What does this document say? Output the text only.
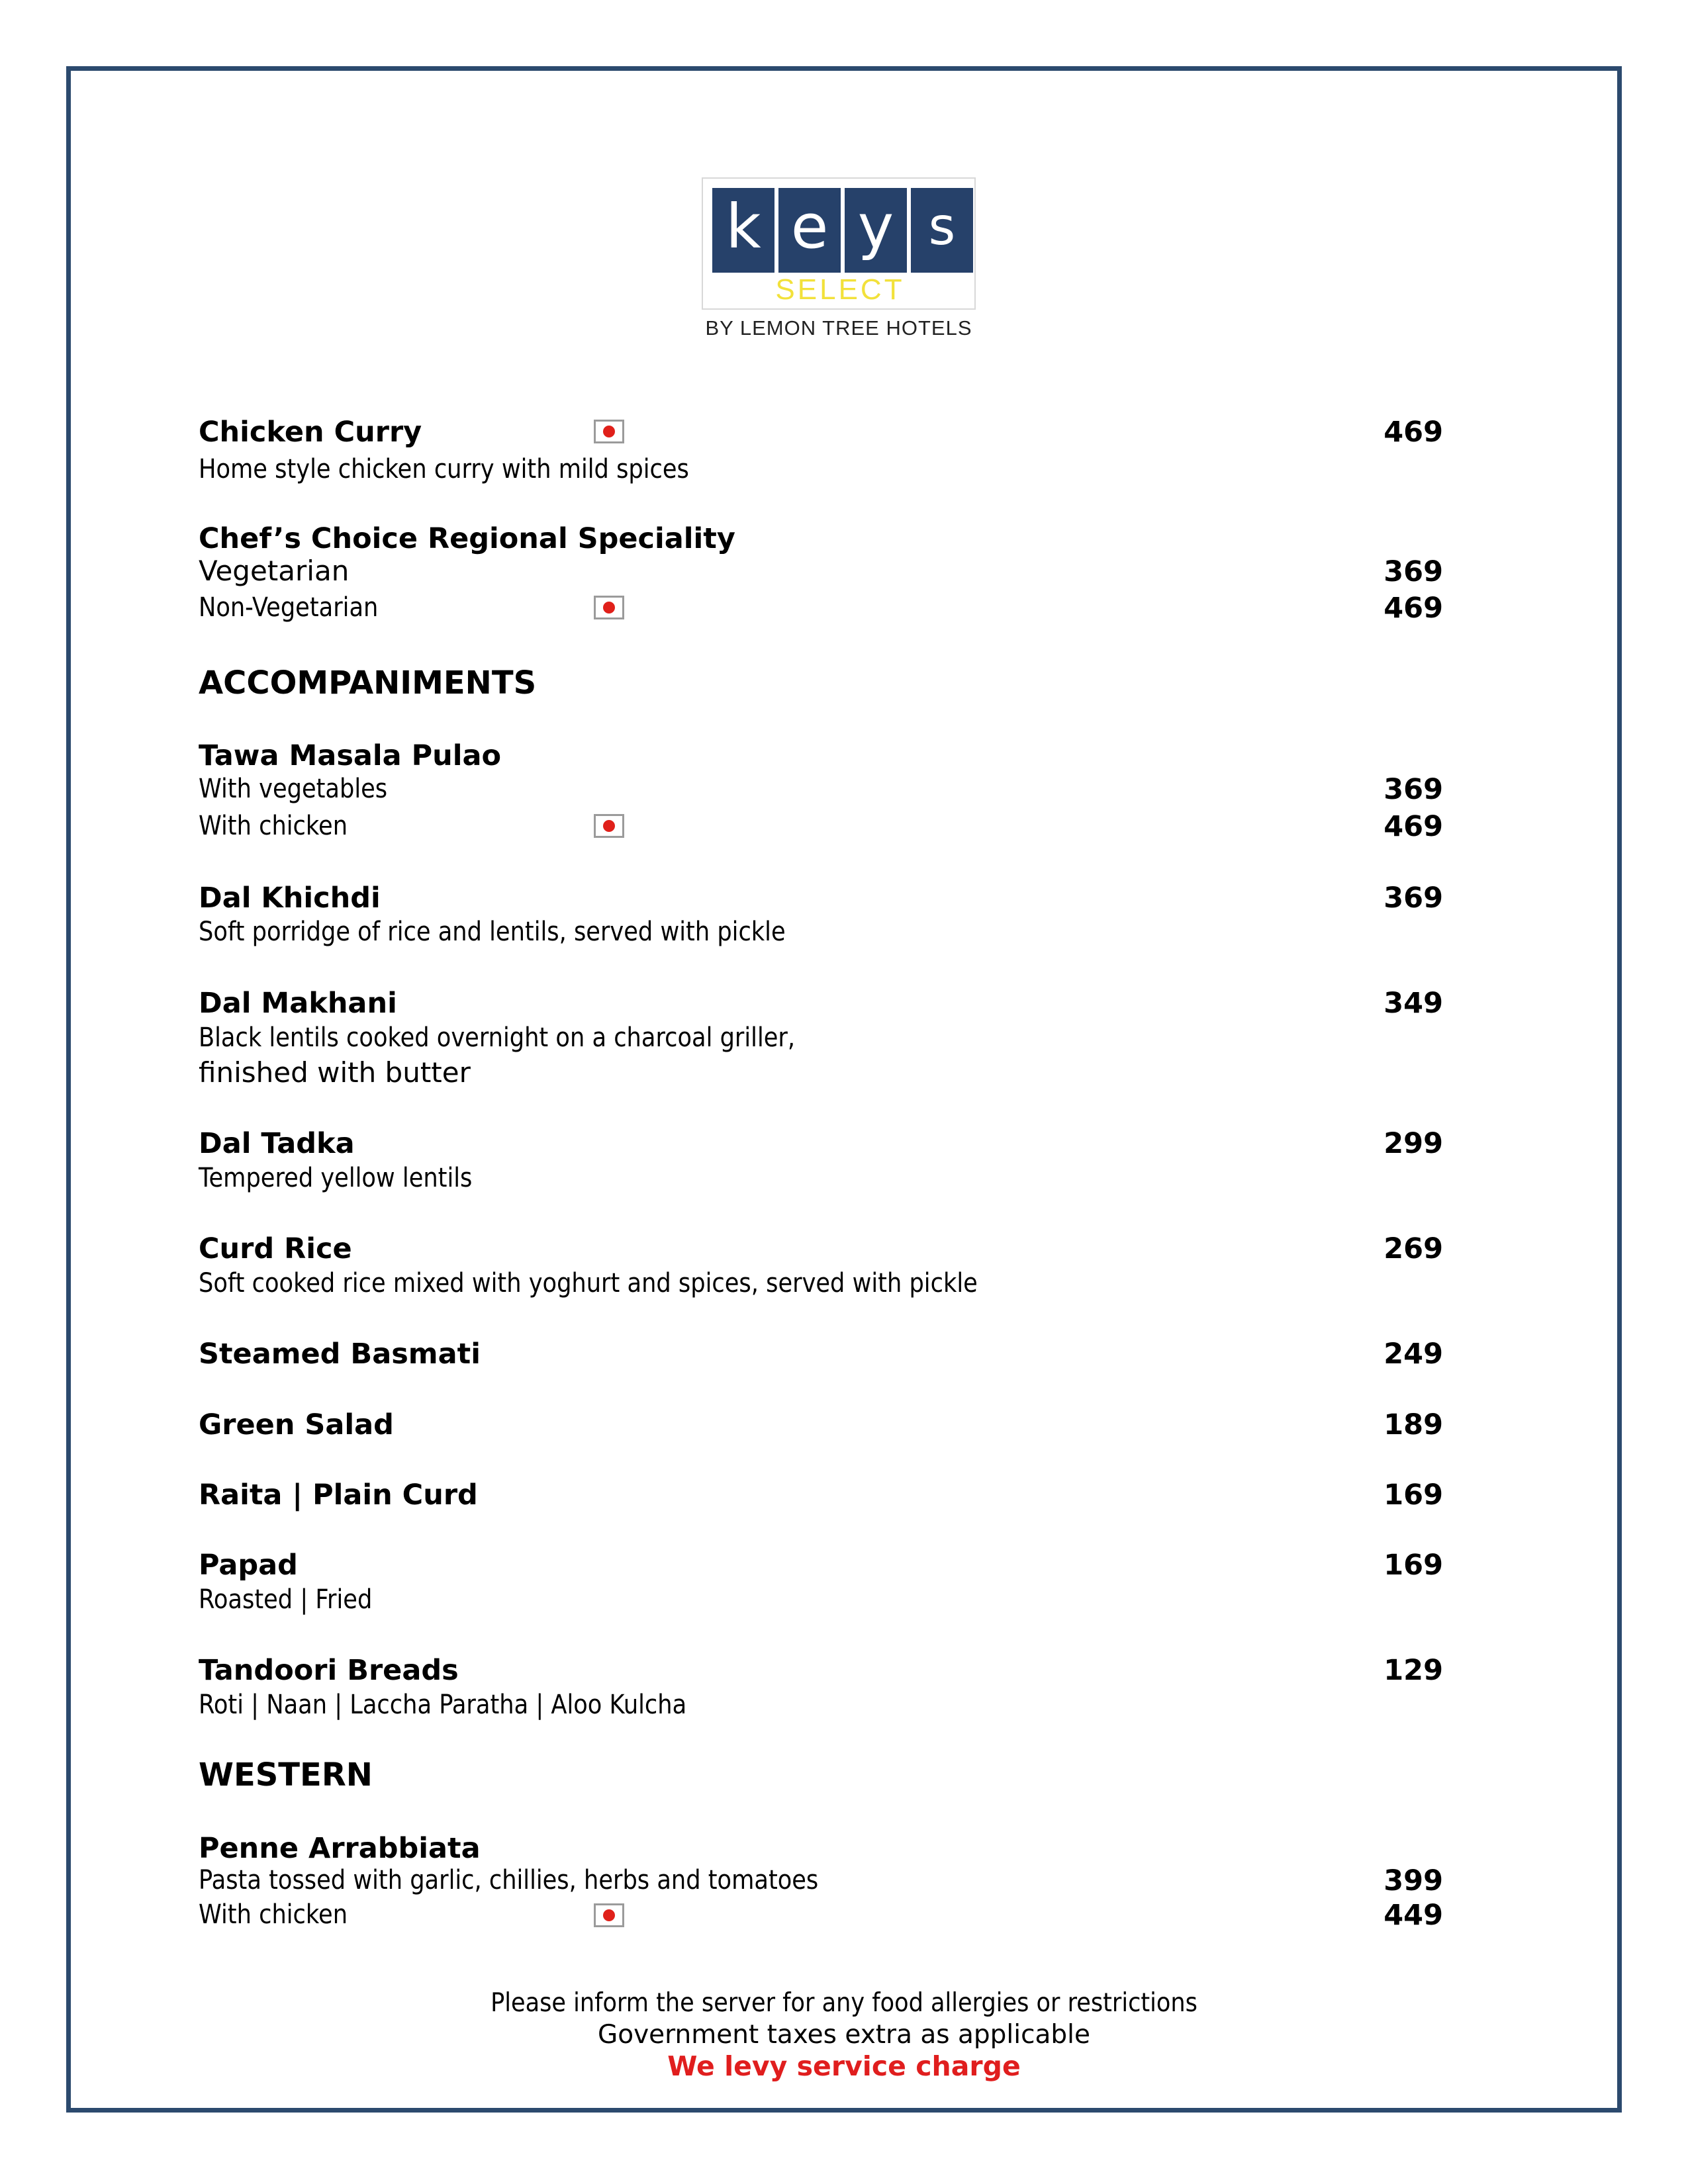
k e y s
SELECT
BY LEMON TREE HOTELS
Chicken Curry	469
Home style chicken curry with mild spices
Chef’s Choice Regional Speciality
Vegetarian	369
Non-Vegetarian	469
ACCOMPANIMENTS
Tawa Masala Pulao
With vegetables	369
With chicken	469
Dal Khichdi	369
Soft porridge of rice and lentils, served with pickle
Dal Makhani	349
Black lentils cooked overnight on a charcoal griller,
finished with butter
Dal Tadka	299
Tempered yellow lentils
Curd Rice	269
Soft cooked rice mixed with yoghurt and spices, served with pickle
Steamed Basmati	249
Green Salad	189
Raita | Plain Curd	169
Papad	169
Roasted | Fried
Tandoori Breads	129
Roti | Naan | Laccha Paratha | Aloo Kulcha
WESTERN
Penne Arrabbiata
Pasta tossed with garlic, chillies, herbs and tomatoes	399
With chicken	449
Please inform the server for any food allergies or restrictions
Government taxes extra as applicable
We levy service charge
